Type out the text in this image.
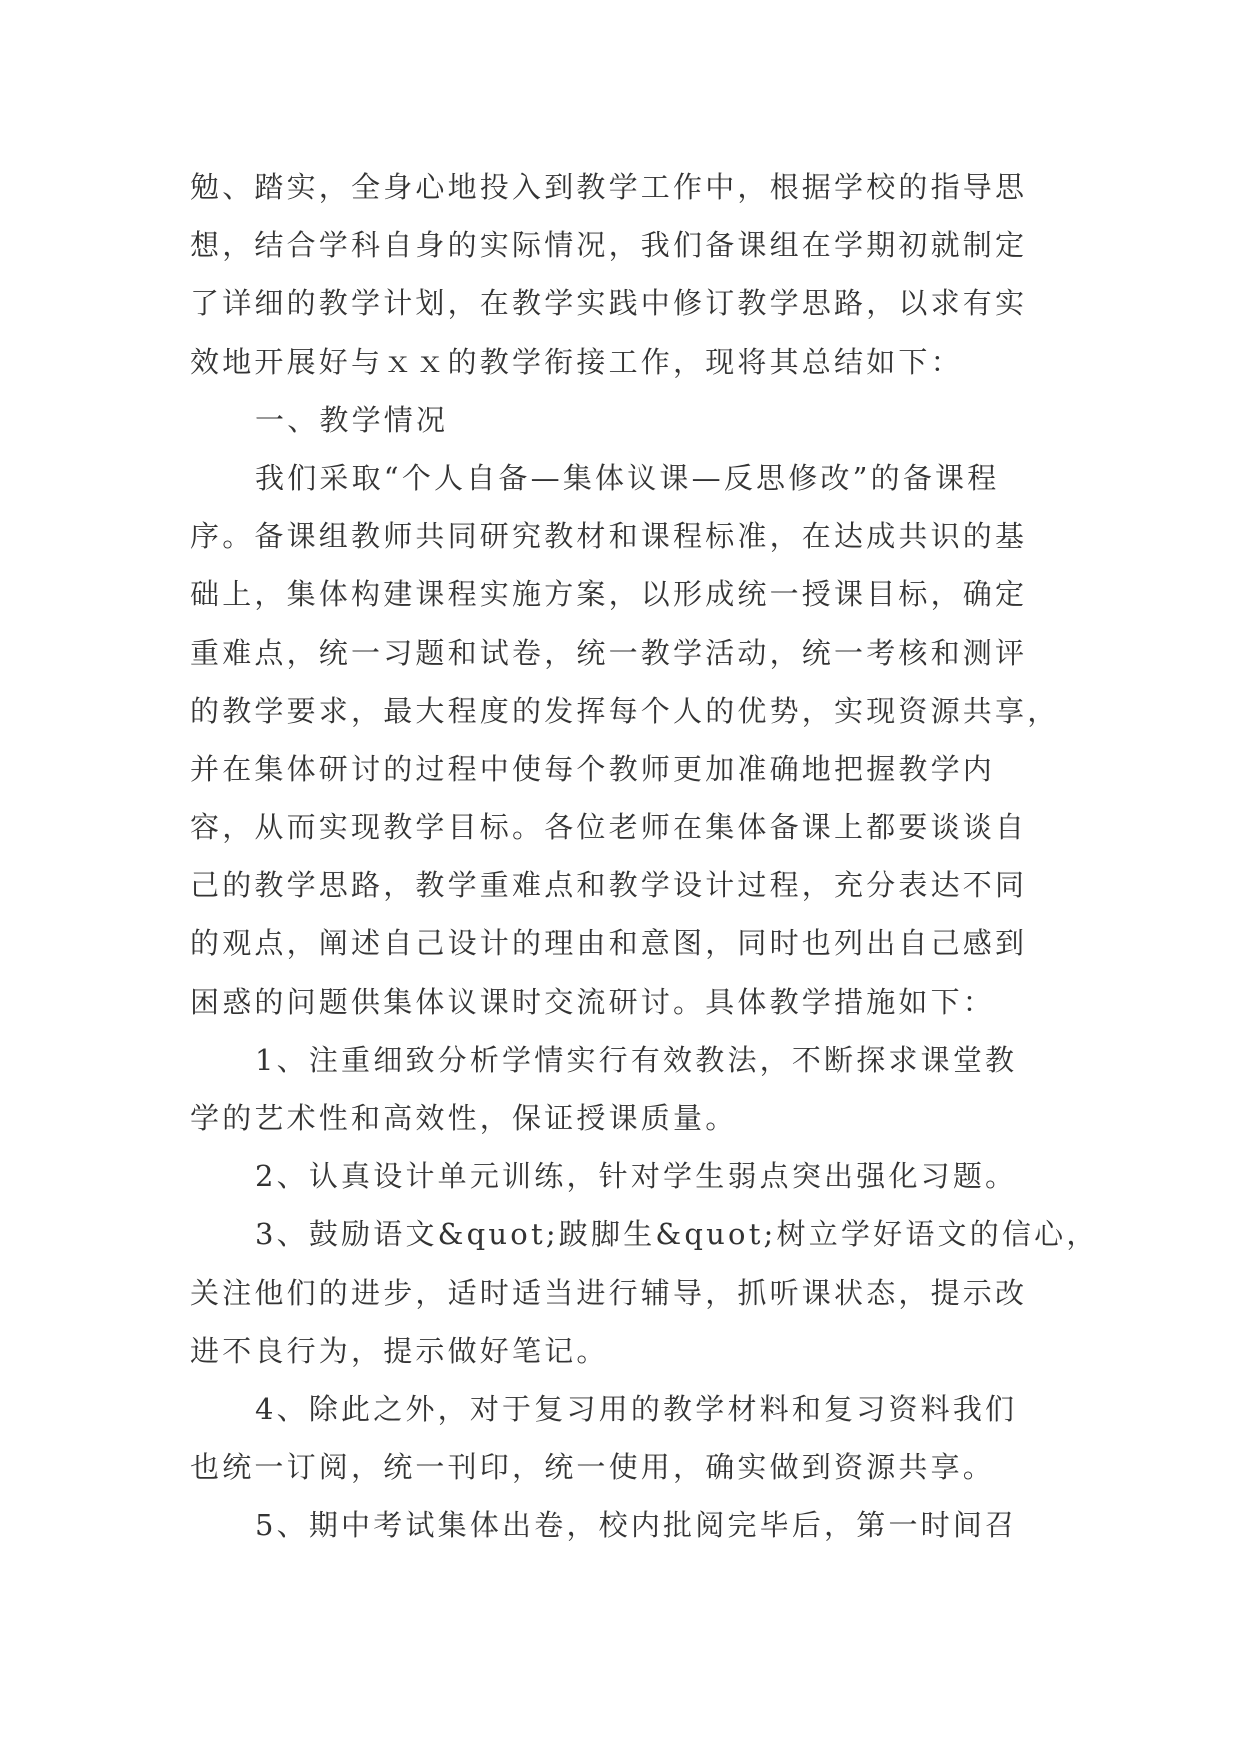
勉、踏实，全身心地投入到教学工作中，根据学校的指导思
想，结合学科自身的实际情况，我们备课组在学期初就制定
了详细的教学计划，在教学实践中修订教学思路，以求有实
效地开展好与ｘｘ的教学衔接工作，现将其总结如下：
一、教学情况
我们采取“个人自备—集体议课—反思修改”的备课程
序。备课组教师共同研究教材和课程标准，在达成共识的基
础上，集体构建课程实施方案，以形成统一授课目标，确定
重难点，统一习题和试卷，统一教学活动，统一考核和测评
的教学要求，最大程度的发挥每个人的优势，实现资源共享，
并在集体研讨的过程中使每个教师更加准确地把握教学内
容，从而实现教学目标。各位老师在集体备课上都要谈谈自
己的教学思路，教学重难点和教学设计过程，充分表达不同
的观点，阐述自己设计的理由和意图，同时也列出自己感到
困惑的问题供集体议课时交流研讨。具体教学措施如下：
1、注重细致分析学情实行有效教法，不断探求课堂教
学的艺术性和高效性，保证授课质量。
2、认真设计单元训练，针对学生弱点突出强化习题。
3、鼓励语文&quot;跛脚生&quot;树立学好语文的信心，
关注他们的进步，适时适当进行辅导，抓听课状态，提示改
进不良行为，提示做好笔记。
4、除此之外，对于复习用的教学材料和复习资料我们
也统一订阅，统一刊印，统一使用，确实做到资源共享。
5、期中考试集体出卷，校内批阅完毕后，第一时间召
